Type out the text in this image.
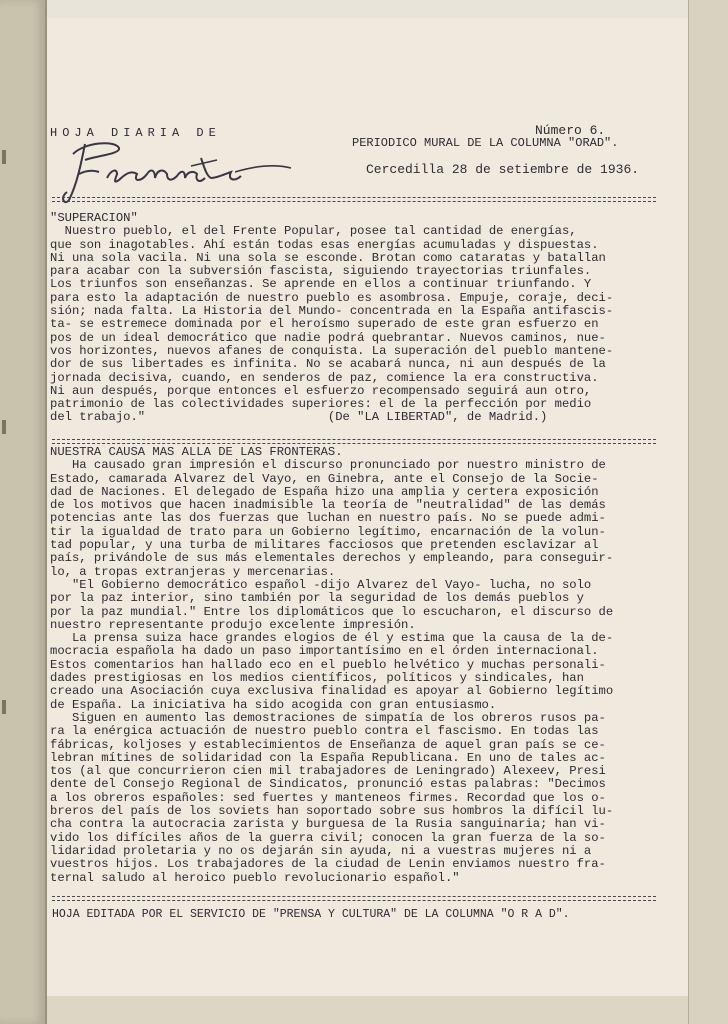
HOJA DIARIA DE	Número 6.
PERIODICO MURAL DE LA COLUMNA "ORAD".
Cercedilla 28 de setiembre de 1936.
"SUPERACION"
Nuestro pueblo, el del Frente Popular, posee tal cantidad de energías,
que son inagotables. Ahí están todas esas energías acumuladas y dispuestas.
Ni una sola vacila. Ni una sola se esconde. Brotan como cataratas y batallan
para acabar con la subversión fascista, siguiendo trayectorias triunfales.
Los triunfos son enseñanzas. Se aprende en ellos a continuar triunfando. Y
para esto la adaptación de nuestro pueblo es asombrosa. Empuje, coraje, deci-
sión; nada falta. La Historia del Mundo- concentrada en la España antifascis-
ta- se estremece dominada por el heroísmo superado de este gran esfuerzo en
pos de un ideal democrático que nadie podrá quebrantar. Nuevos caminos, nue-
vos horizontes, nuevos afanes de conquista. La superación del pueblo mantene-
dor de sus libertades es infinita. No se acabará nunca, ni aun después de la
jornada decisiva, cuando, en senderos de paz, comience la era constructiva.
Ni aun después, porque entonces el esfuerzo recompensado seguirá aun otro,
patrimonio de las colectividades superiores: el de la perfección por medio
del trabajo."                         (De "LA LIBERTAD", de Madrid.)
NUESTRA CAUSA MAS ALLA DE LAS FRONTERAS.
Ha causado gran impresión el discurso pronunciado por nuestro ministro de
Estado, camarada Alvarez del Vayo, en Ginebra, ante el Consejo de la Socie-
dad de Naciones. El delegado de España hizo una amplia y certera exposición
de los motivos que hacen inadmisible la teoría de "neutralidad" de las demás
potencias ante las dos fuerzas que luchan en nuestro país. No se puede admi-
tir la igualdad de trato para un Gobierno legítimo, encarnación de la volun-
tad popular, y una turba de militares facciosos que pretenden esclavizar al
país, privándole de sus más elementales derechos y empleando, para conseguir-
lo, a tropas extranjeras y mercenarias.
"El Gobierno democrático español -dijo Alvarez del Vayo- lucha, no solo
por la paz interior, sino también por la seguridad de los demás pueblos y
por la paz mundial." Entre los diplomáticos que lo escucharon, el discurso de
nuestro representante produjo excelente impresión.
La prensa suiza hace grandes elogios de él y estima que la causa de la de-
mocracia española ha dado un paso importantísimo en el órden internacional.
Estos comentarios han hallado eco en el pueblo helvético y muchas personali-
dades prestigiosas en los medios científicos, políticos y sindicales, han
creado una Asociación cuya exclusiva finalidad es apoyar al Gobierno legítimo
de España. La iniciativa ha sido acogida con gran entusiasmo.
Siguen en aumento las demostraciones de simpatía de los obreros rusos pa-
ra la enérgica actuación de nuestro pueblo contra el fascismo. En todas las
fábricas, koljoses y establecimientos de Enseñanza de aquel gran país se ce-
lebran mítines de solidaridad con la España Republicana. En uno de tales ac-
tos (al que concurrieron cien mil trabajadores de Leningrado) Alexeev, Presi
dente del Consejo Regional de Sindicatos, pronunció estas palabras: "Decimos
a los obreros españoles: sed fuertes y manteneos firmes. Recordad que los o-
breros del país de los soviets han soportado sobre sus hombros la difícil lu-
cha contra la autocracia zarista y burguesa de la Rusia sanguinaria; han vi-
vido los difíciles años de la guerra civil; conocen la gran fuerza de la so-
lidaridad proletaria y no os dejarán sin ayuda, ni a vuestras mujeres ni a
vuestros hijos. Los trabajadores de la ciudad de Lenin enviamos nuestro fra-
ternal saludo al heroico pueblo revolucionario español."
HOJA EDITADA POR EL SERVICIO DE "PRENSA Y CULTURA" DE LA COLUMNA "O R A D".
